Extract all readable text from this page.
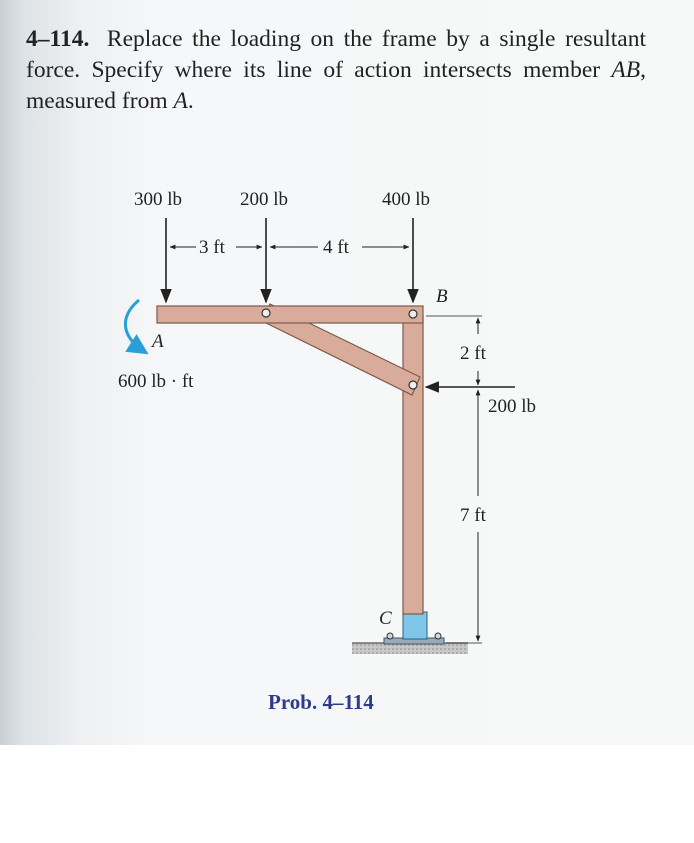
4–114. Replace the loading on the frame by a single resultant force. Specify where its line of action intersects member AB, measured from A.
300 lb	200 lb	400 lb
3 ft	4 ft
B
A
600 lb · ft
2 ft
200 lb
7 ft
C
Prob. 4–114
